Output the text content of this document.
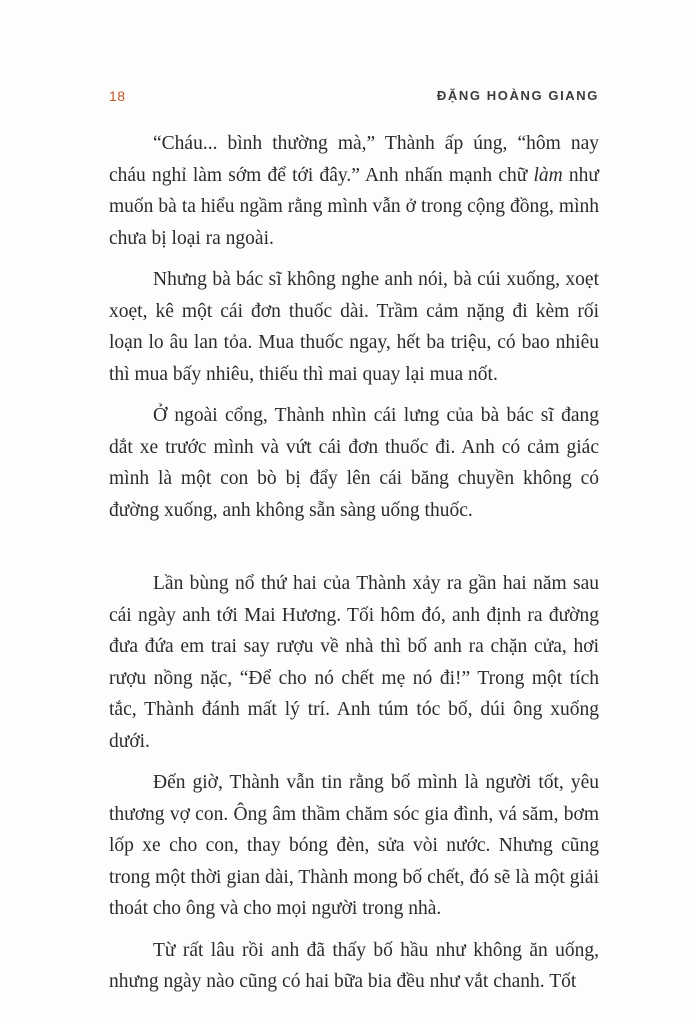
18	ĐẶNG HOÀNG GIANG

“Cháu... bình thường mà,” Thành ấp úng, “hôm nay cháu nghỉ làm sớm để tới đây.” Anh nhấn mạnh chữ làm như muốn bà ta hiểu ngầm rằng mình vẫn ở trong cộng đồng, mình chưa bị loại ra ngoài.

Nhưng bà bác sĩ không nghe anh nói, bà cúi xuống, xoẹt xoẹt, kê một cái đơn thuốc dài. Trầm cảm nặng đi kèm rối loạn lo âu lan tỏa. Mua thuốc ngay, hết ba triệu, có bao nhiêu thì mua bấy nhiêu, thiếu thì mai quay lại mua nốt.

Ở ngoài cổng, Thành nhìn cái lưng của bà bác sĩ đang dắt xe trước mình và vứt cái đơn thuốc đi. Anh có cảm giác mình là một con bò bị đẩy lên cái băng chuyền không có đường xuống, anh không sẵn sàng uống thuốc.

Lần bùng nổ thứ hai của Thành xảy ra gần hai năm sau cái ngày anh tới Mai Hương. Tối hôm đó, anh định ra đường đưa đứa em trai say rượu về nhà thì bố anh ra chặn cửa, hơi rượu nồng nặc, “Để cho nó chết mẹ nó đi!” Trong một tích tắc, Thành đánh mất lý trí. Anh túm tóc bố, dúi ông xuống dưới.

Đến giờ, Thành vẫn tin rằng bố mình là người tốt, yêu thương vợ con. Ông âm thầm chăm sóc gia đình, vá săm, bơm lốp xe cho con, thay bóng đèn, sửa vòi nước. Nhưng cũng trong một thời gian dài, Thành mong bố chết, đó sẽ là một giải thoát cho ông và cho mọi người trong nhà.

Từ rất lâu rồi anh đã thấy bố hầu như không ăn uống, nhưng ngày nào cũng có hai bữa bia đều như vắt chanh. Tốt
